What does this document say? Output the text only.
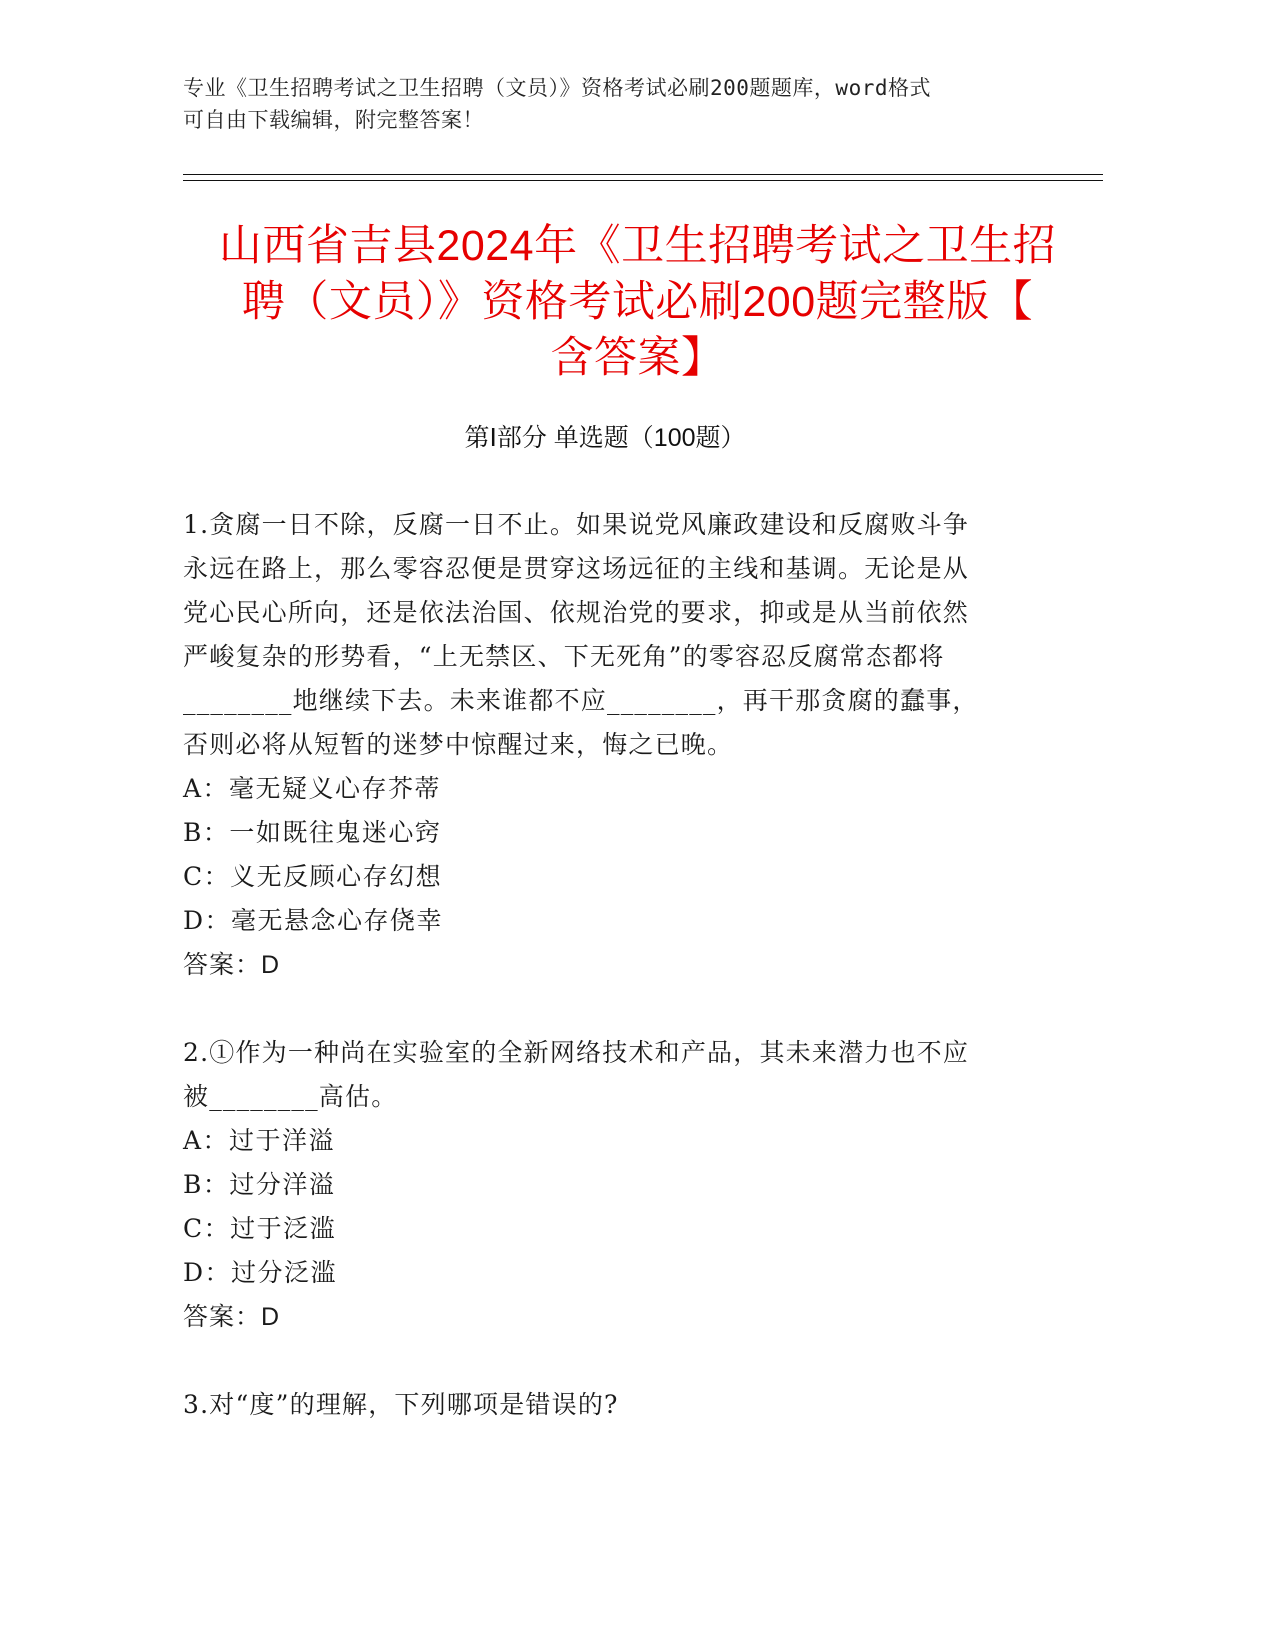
专业《卫生招聘考试之卫生招聘（文员）》资格考试必刷200题题库，word格式
可自由下载编辑，附完整答案！
山西省吉县2024年《卫生招聘考试之卫生招
聘（文员）》资格考试必刷200题完整版【
含答案】
第Ⅰ部分 单选题（100题）

1.贪腐一日不除，反腐一日不止。如果说党风廉政建设和反腐败斗争

永远在路上，那么零容忍便是贯穿这场远征的主线和基调。无论是从

党心民心所向，还是依法治国、依规治党的要求，抑或是从当前依然

严峻复杂的形势看，“上无禁区、下无死角”的零容忍反腐常态都将

________地继续下去。未来谁都不应________，再干那贪腐的蠢事，

否则必将从短暂的迷梦中惊醒过来，悔之已晚。

A：毫无疑义心存芥蒂

B：一如既往鬼迷心窍

C：义无反顾心存幻想

D：毫无悬念心存侥幸

答案：D

2.①作为一种尚在实验室的全新网络技术和产品，其未来潜力也不应

被________高估。

A：过于洋溢

B：过分洋溢

C：过于泛滥

D：过分泛滥

答案：D

3.对“度”的理解，下列哪项是错误的?
